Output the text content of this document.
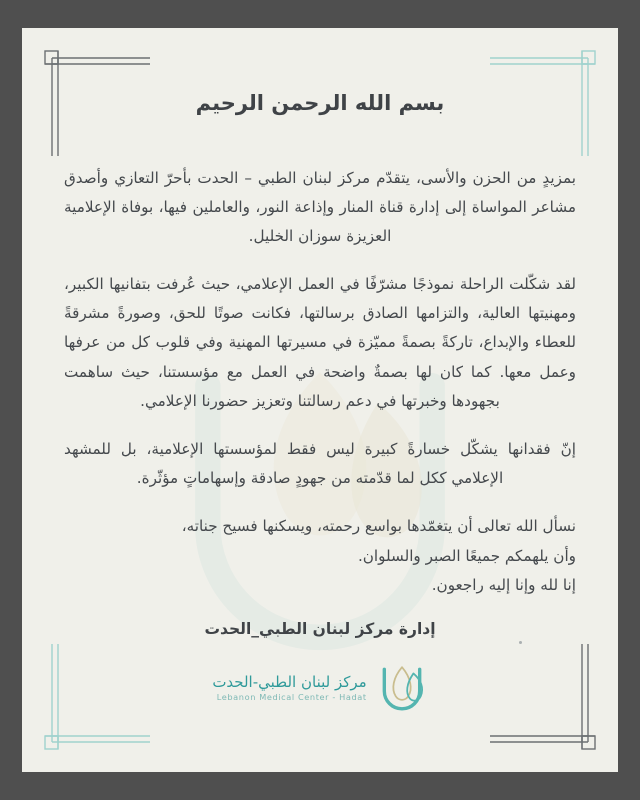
بسم الله الرحمن الرحيم

بمزيدٍ من الحزن والأسى، يتقدّم مركز لبنان الطبي – الحدت بأحرّ التعازي وأصدق مشاعر المواساة إلى إدارة قناة المنار وإذاعة النور، والعاملين فيها، بوفاة الإعلامية العزيزة سوزان الخليل.

لقد شكّلت الراحلة نموذجًا مشرّفًا في العمل الإعلامي، حيث عُرفت بتفانيها الكبير، ومهنيتها العالية، والتزامها الصادق برسالتها، فكانت صوتًا للحق، وصورةً مشرقةً للعطاء والإبداع، تاركةً بصمةً مميّزة في مسيرتها المهنية وفي قلوب كل من عرفها وعمل معها. كما كان لها بصمةٌ واضحة في العمل مع مؤسستنا، حيث ساهمت بجهودها وخبرتها في دعم رسالتنا وتعزيز حضورنا الإعلامي.

إنّ فقدانها يشكّل خسارةً كبيرة ليس فقط لمؤسستها الإعلامية، بل للمشهد الإعلامي ككل لما قدّمته من جهودٍ صادقة وإسهاماتٍ مؤثّرة.

نسأل الله تعالى أن يتغمّدها بواسع رحمته، ويسكنها فسيح جناته،

وأن يلهمكم جميعًا الصبر والسلوان.

إنا لله وإنا إليه راجعون.

إدارة مركز لبنان الطبي_الحدت
مركز لبنان الطبي-الحدت
Lebanon Medical Center - Hadat
